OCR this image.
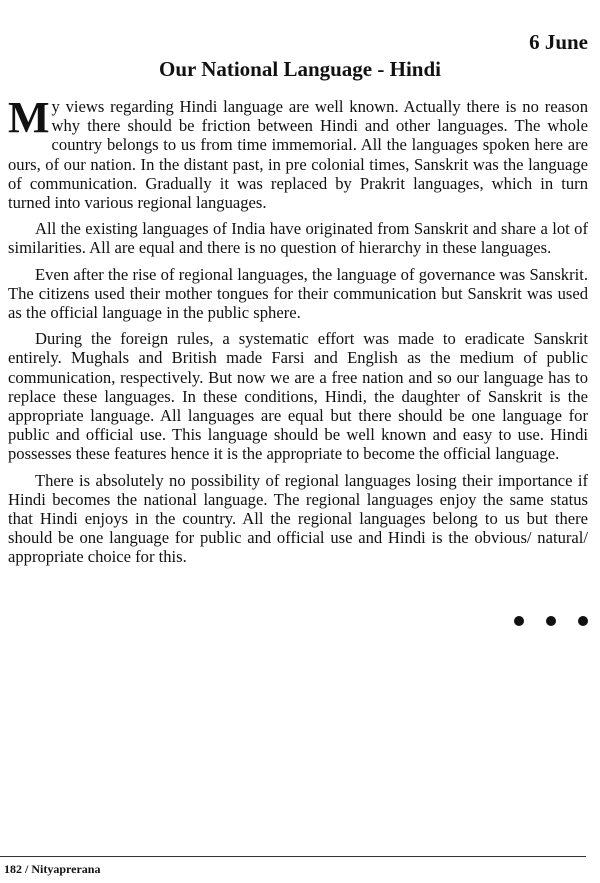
6 June
Our National Language - Hindi

My views regarding Hindi language are well known. Actually there is no reason why there should be friction between Hindi and other languages. The whole country belongs to us from time immemorial. All the languages spoken here are ours, of our nation. In the distant past, in pre colonial times, Sanskrit was the language of communication. Gradually it was replaced by Prakrit languages, which in turn turned into various regional languages.

All the existing languages of India have originated from Sanskrit and share a lot of similarities. All are equal and there is no question of hierarchy in these languages.

Even after the rise of regional languages, the language of governance was Sanskrit. The citizens used their mother tongues for their communication but Sanskrit was used as the official language in the public sphere.

During the foreign rules, a systematic effort was made to eradicate Sanskrit entirely. Mughals and British made Farsi and English as the medium of public communication, respectively. But now we are a free nation and so our language has to replace these languages. In these conditions, Hindi, the daughter of Sanskrit is the appropriate language. All languages are equal but there should be one language for public and official use. This language should be well known and easy to use. Hindi possesses these features hence it is the appropriate to become the official language.

There is absolutely no possibility of regional languages losing their importance if Hindi becomes the national language. The regional languages enjoy the same status that Hindi enjoys in the country. All the regional languages belong to us but there should be one language for public and official use and Hindi is the obvious/ natural/ appropriate choice for this.

182 / Nityaprerana
